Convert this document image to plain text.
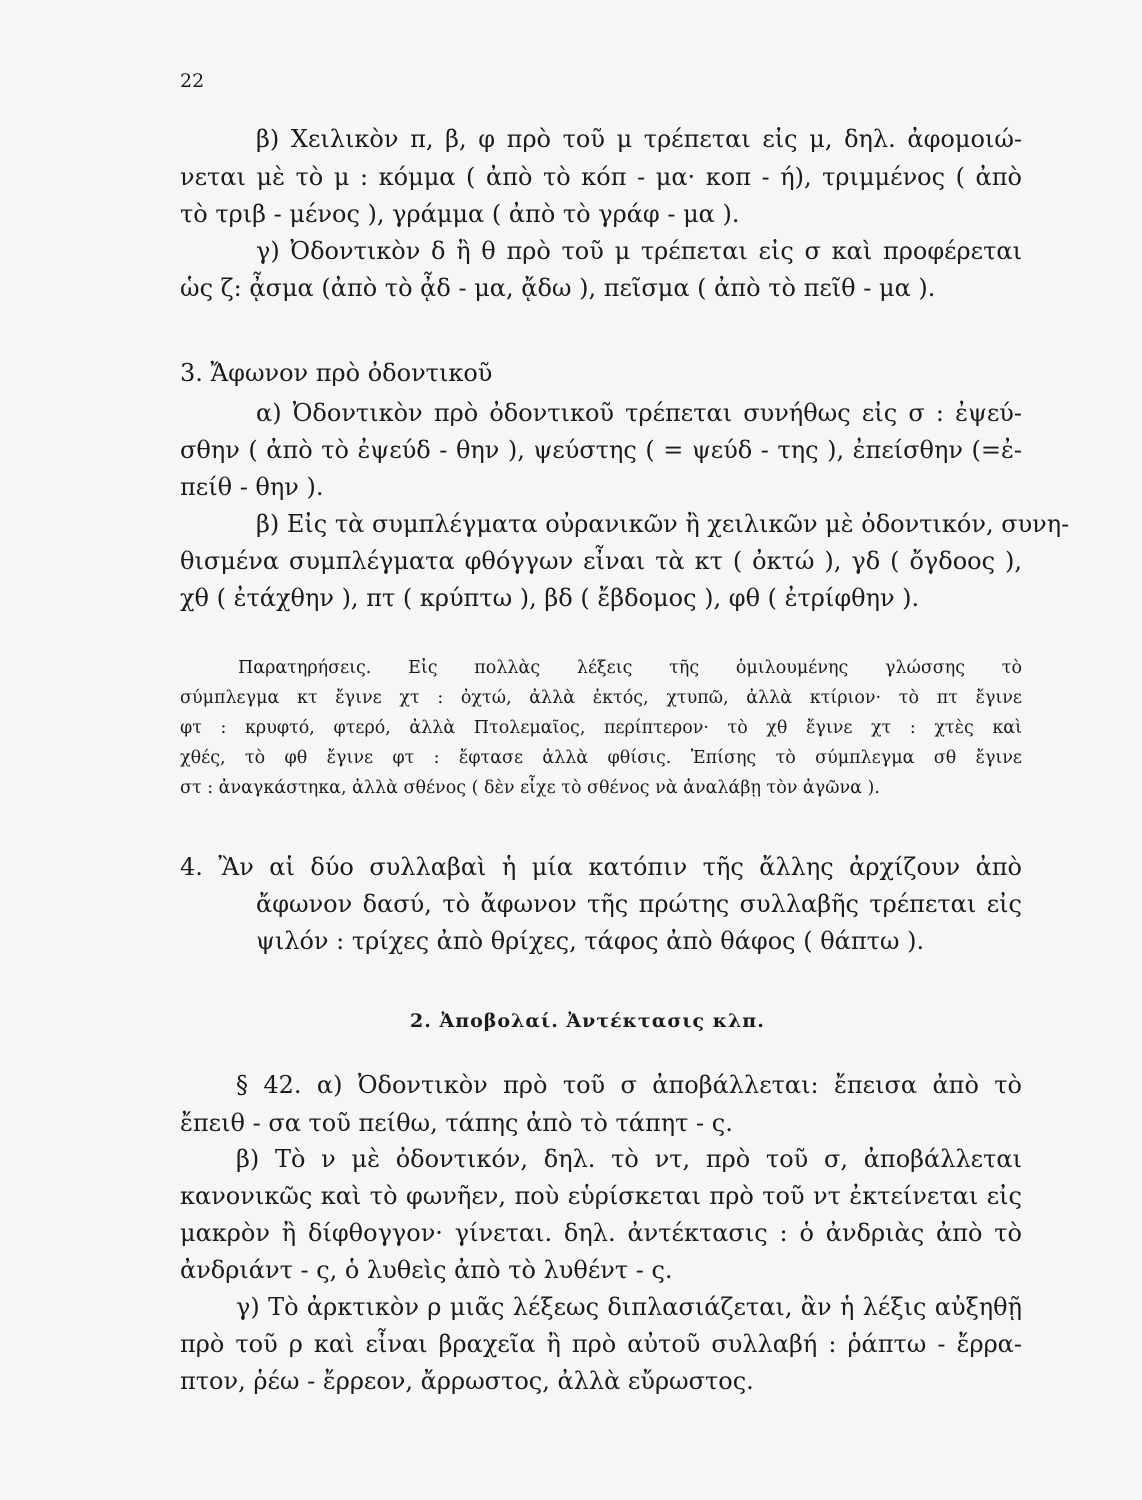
22
β) Χειλικὸν π, β, φ πρὸ τοῦ μ τρέπεται εἰς μ, δηλ. ἀφομοιώ-
νεται μὲ τὸ μ : κόμμα ( ἀπὸ τὸ κόπ - μα· κοπ - ή), τριμμένος ( ἀπὸ
τὸ τριβ - μένος ), γράμμα ( ἀπὸ τὸ γράφ - μα ).
γ) Ὀδοντικὸν δ ἢ θ πρὸ τοῦ μ τρέπεται εἰς σ καὶ προφέρεται
ὡς ζ: ᾆσμα (ἀπὸ τὸ ᾆδ - μα, ᾄδω ), πεῖσμα ( ἀπὸ τὸ πεῖθ - μα ).
3. Ἄφωνον πρὸ ὀδοντικοῦ
α) Ὀδοντικὸν πρὸ ὀδοντικοῦ τρέπεται συνήθως εἰς σ : ἐψεύ-
σθην ( ἀπὸ τὸ ἐψεύδ - θην ), ψεύστης ( = ψεύδ - της ), ἐπείσθην (=ἐ-
πείθ - θην ).
β) Εἰς τὰ συμπλέγματα οὐρανικῶν ἢ χειλικῶν μὲ ὀδοντικόν, συνη-
θισμένα συμπλέγματα φθόγγων εἶναι τὰ κτ ( ὀκτώ ), γδ ( ὄγδοος ),
χθ ( ἐτάχθην ), πτ ( κρύπτω ), βδ ( ἔβδομος ), φθ ( ἐτρίφθην ).
Παρατηρήσεις. Εἰς πολλὰς λέξεις τῆς ὁμιλουμένης γλώσσης τὸ
σύμπλεγμα κτ ἔγινε χτ : ὀχτώ, ἀλλὰ ἐκτός, χτυπῶ, ἀλλὰ κτίριον· τὸ πτ ἔγινε
φτ : κρυφτό, φτερό, ἀλλὰ Πτολεμαῖος, περίπτερον· τὸ χθ ἔγινε χτ : χτὲς καὶ
χθές, τὸ φθ ἔγινε φτ : ἔφτασε ἀλλὰ φθίσις. Ἐπίσης τὸ σύμπλεγμα σθ ἔγινε
στ : ἀναγκάστηκα, ἀλλὰ σθένος ( δὲν εἶχε τὸ σθένος νὰ ἀναλάβῃ τὸν ἀγῶνα ).
4. Ἂν αἱ δύο συλλαβαὶ ἡ μία κατόπιν τῆς ἄλλης ἀρχίζουν ἀπὸ
ἄφωνον δασύ, τὸ ἄφωνον τῆς πρώτης συλλαβῆς τρέπεται εἰς
ψιλόν : τρίχες ἀπὸ θρίχες, τάφος ἀπὸ θάφος ( θάπτω ).
2. Ἀποβολαί. Ἀντέκτασις κλπ.
§ 42. α) Ὀδοντικὸν πρὸ τοῦ σ ἀποβάλλεται: ἔπεισα ἀπὸ τὸ
ἔπειθ - σα τοῦ πείθω, τάπης ἀπὸ τὸ τάπητ - ς.
β) Τὸ ν μὲ ὀδοντικόν, δηλ. τὸ ντ, πρὸ τοῦ σ, ἀποβάλλεται
κανονικῶς καὶ τὸ φωνῆεν, ποὺ εὑρίσκεται πρὸ τοῦ ντ ἐκτείνεται εἰς
μακρὸν ἢ δίφθογγον· γίνεται. δηλ. ἀντέκτασις : ὁ ἀνδριὰς ἀπὸ τὸ
ἀνδριάντ - ς, ὁ λυθεὶς ἀπὸ τὸ λυθέντ - ς.
γ) Τὸ ἀρκτικὸν ρ μιᾶς λέξεως διπλασιάζεται, ἂν ἡ λέξις αὐξηθῇ
πρὸ τοῦ ρ καὶ εἶναι βραχεῖα ἢ πρὸ αὐτοῦ συλλαβή : ῥάπτω - ἔρρα-
πτον, ῥέω - ἔρρεον, ἄρρωστος, ἀλλὰ εὔρωστος.
